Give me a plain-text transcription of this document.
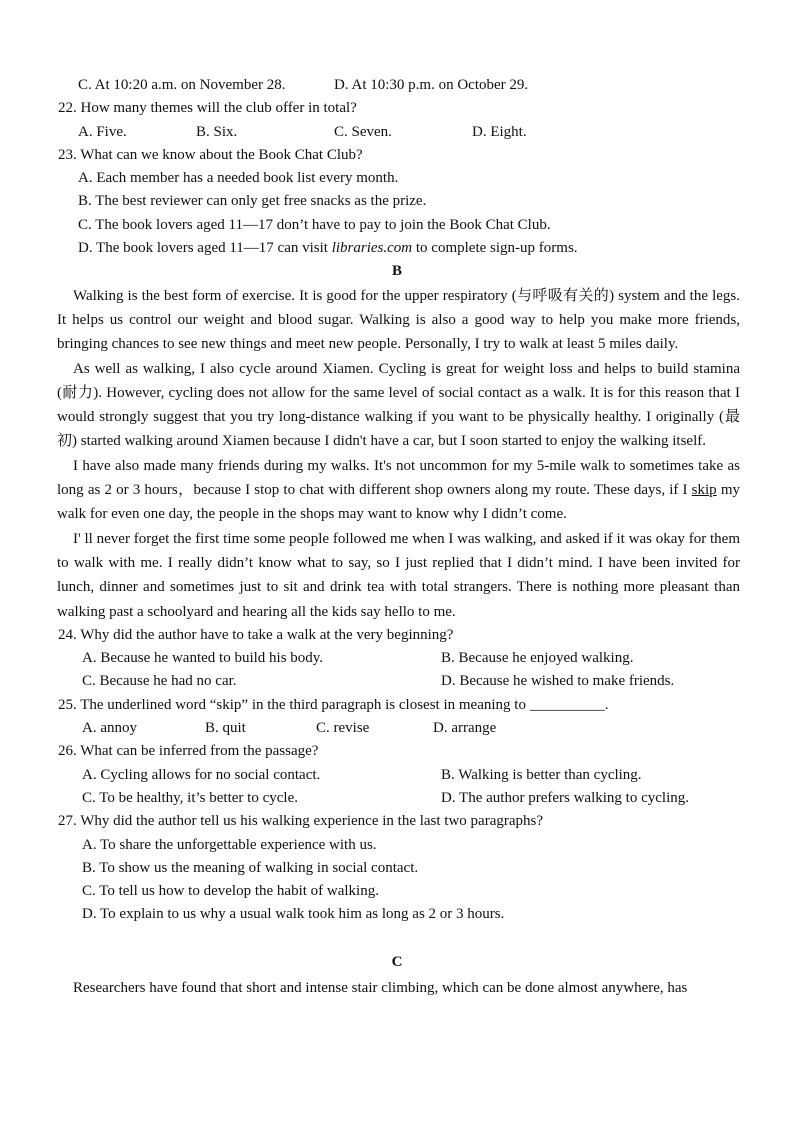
C. At 10:20 a.m. on November 28.	D. At 10:30 p.m. on October 29.
22. How many themes will the club offer in total?
A. Five.	B. Six.	C. Seven.	D. Eight.
23. What can we know about the Book Chat Club?
A. Each member has a needed book list every month.
B. The best reviewer can only get free snacks as the prize.
C. The book lovers aged 11—17 don’t have to pay to join the Book Chat Club.
D. The book lovers aged 11—17 can visit libraries.com to complete sign-up forms.
B

Walking is the best form of exercise. It is good for the upper respiratory (与呼吸有关的) system and the legs. It helps us control our weight and blood sugar. Walking is also a good way to help you make more friends, bringing chances to see new things and meet new people. Personally, I try to walk at least 5 miles daily.

As well as walking, I also cycle around Xiamen. Cycling is great for weight loss and helps to build stamina (耐力). However, cycling does not allow for the same level of social contact as a walk. It is for this reason that I would strongly suggest that you try long-distance walking if you want to be physically healthy. I originally (最初) started walking around Xiamen because I didn't have a car, but I soon started to enjoy the walking itself.

I have also made many friends during my walks. It's not uncommon for my 5-mile walk to sometimes take as long as 2 or 3 hours，because I stop to chat with different shop owners along my route. These days, if I skip my walk for even one day, the people in the shops may want to know why I didn’t come.

I' ll never forget the first time some people followed me when I was walking, and asked if it was okay for them to walk with me. I really didn’t know what to say, so I just replied that I didn’t mind. I have been invited for lunch, dinner and sometimes just to sit and drink tea with total strangers. There is nothing more pleasant than walking past a schoolyard and hearing all the kids say hello to me.

24. Why did the author have to take a walk at the very beginning?
A. Because he wanted to build his body.	B. Because he enjoyed walking.
C. Because he had no car.	D. Because he wished to make friends.
25. The underlined word “skip” in the third paragraph is closest in meaning to __________.
A. annoy	B. quit	C. revise	D. arrange
26. What can be inferred from the passage?
A. Cycling allows for no social contact.	B. Walking is better than cycling.
C. To be healthy, it’s better to cycle.	D. The author prefers walking to cycling.
27. Why did the author tell us his walking experience in the last two paragraphs?
A. To share the unforgettable experience with us.
B. To show us the meaning of walking in social contact.
C. To tell us how to develop the habit of walking.
D. To explain to us why a usual walk took him as long as 2 or 3 hours.
C

Researchers have found that short and intense stair climbing, which can be done almost anywhere, has
